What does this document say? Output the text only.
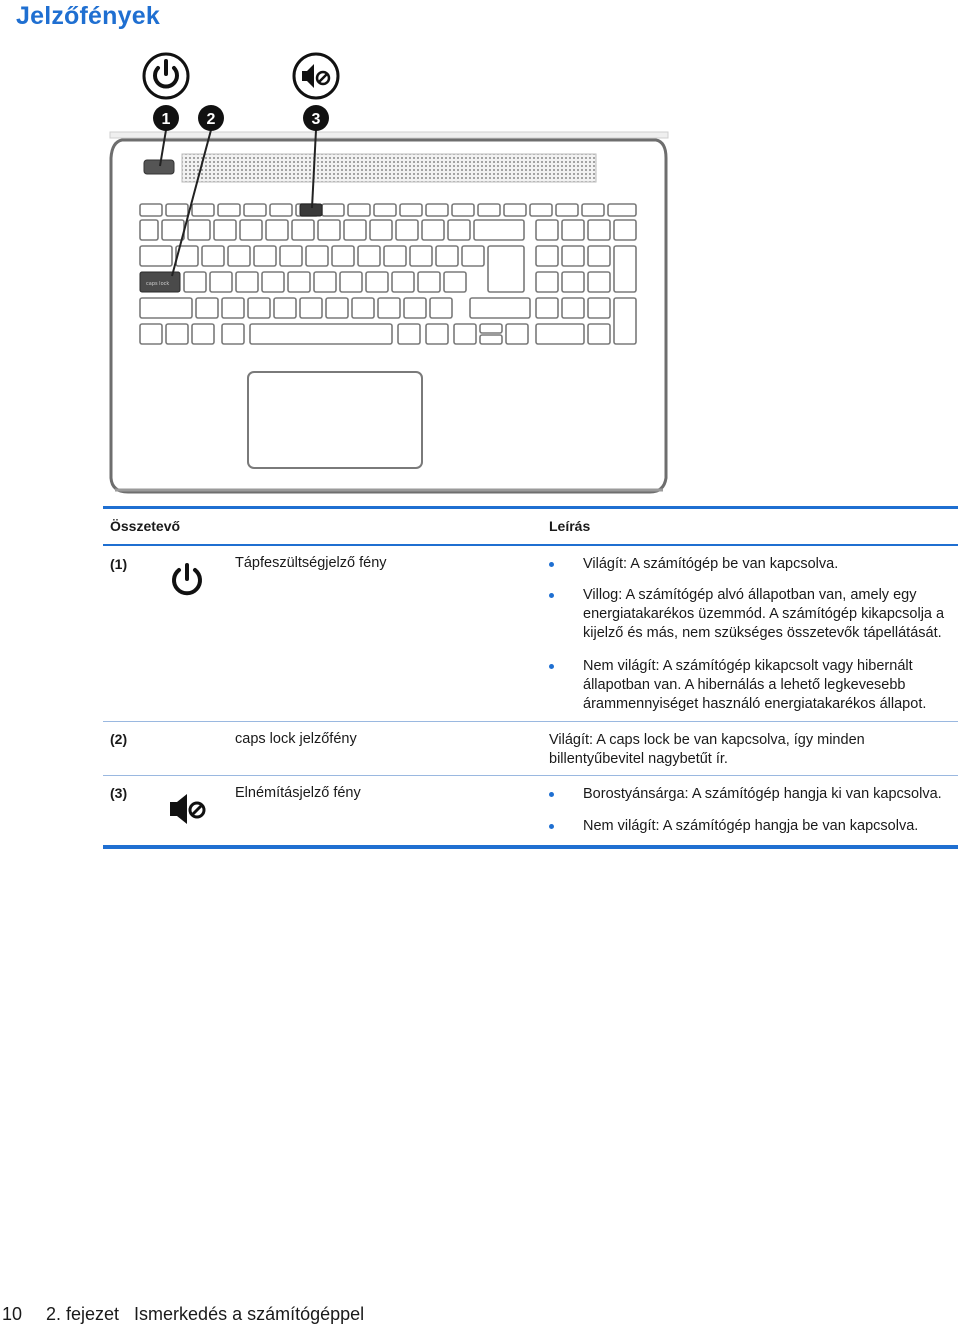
Jelzőfények
caps lock
1 2	3
Összetevő	Leírás
(1)	Tápfeszültségjelző fény	Világít: A számítógép be van kapcsolva.
Villog: A számítógép alvó állapotban van, amely egy energiatakarékos üzemmód. A számítógép kikapcsolja a kijelző és más, nem szükséges összetevők tápellátását.
Nem világít: A számítógép kikapcsolt vagy hibernált állapotban van. A hibernálás a lehető legkevesebb árammennyiséget használó energiatakarékos állapot.
(2)	caps lock jelzőfény	Világít: A caps lock be van kapcsolva, így minden billentyűbevitel nagybetűt ír.
(3)	Elnémításjelző fény	Borostyánsárga: A számítógép hangja ki van kapcsolva.
Nem világít: A számítógép hangja be van kapcsolva.
10 2. fejezet   Ismerkedés a számítógéppel
